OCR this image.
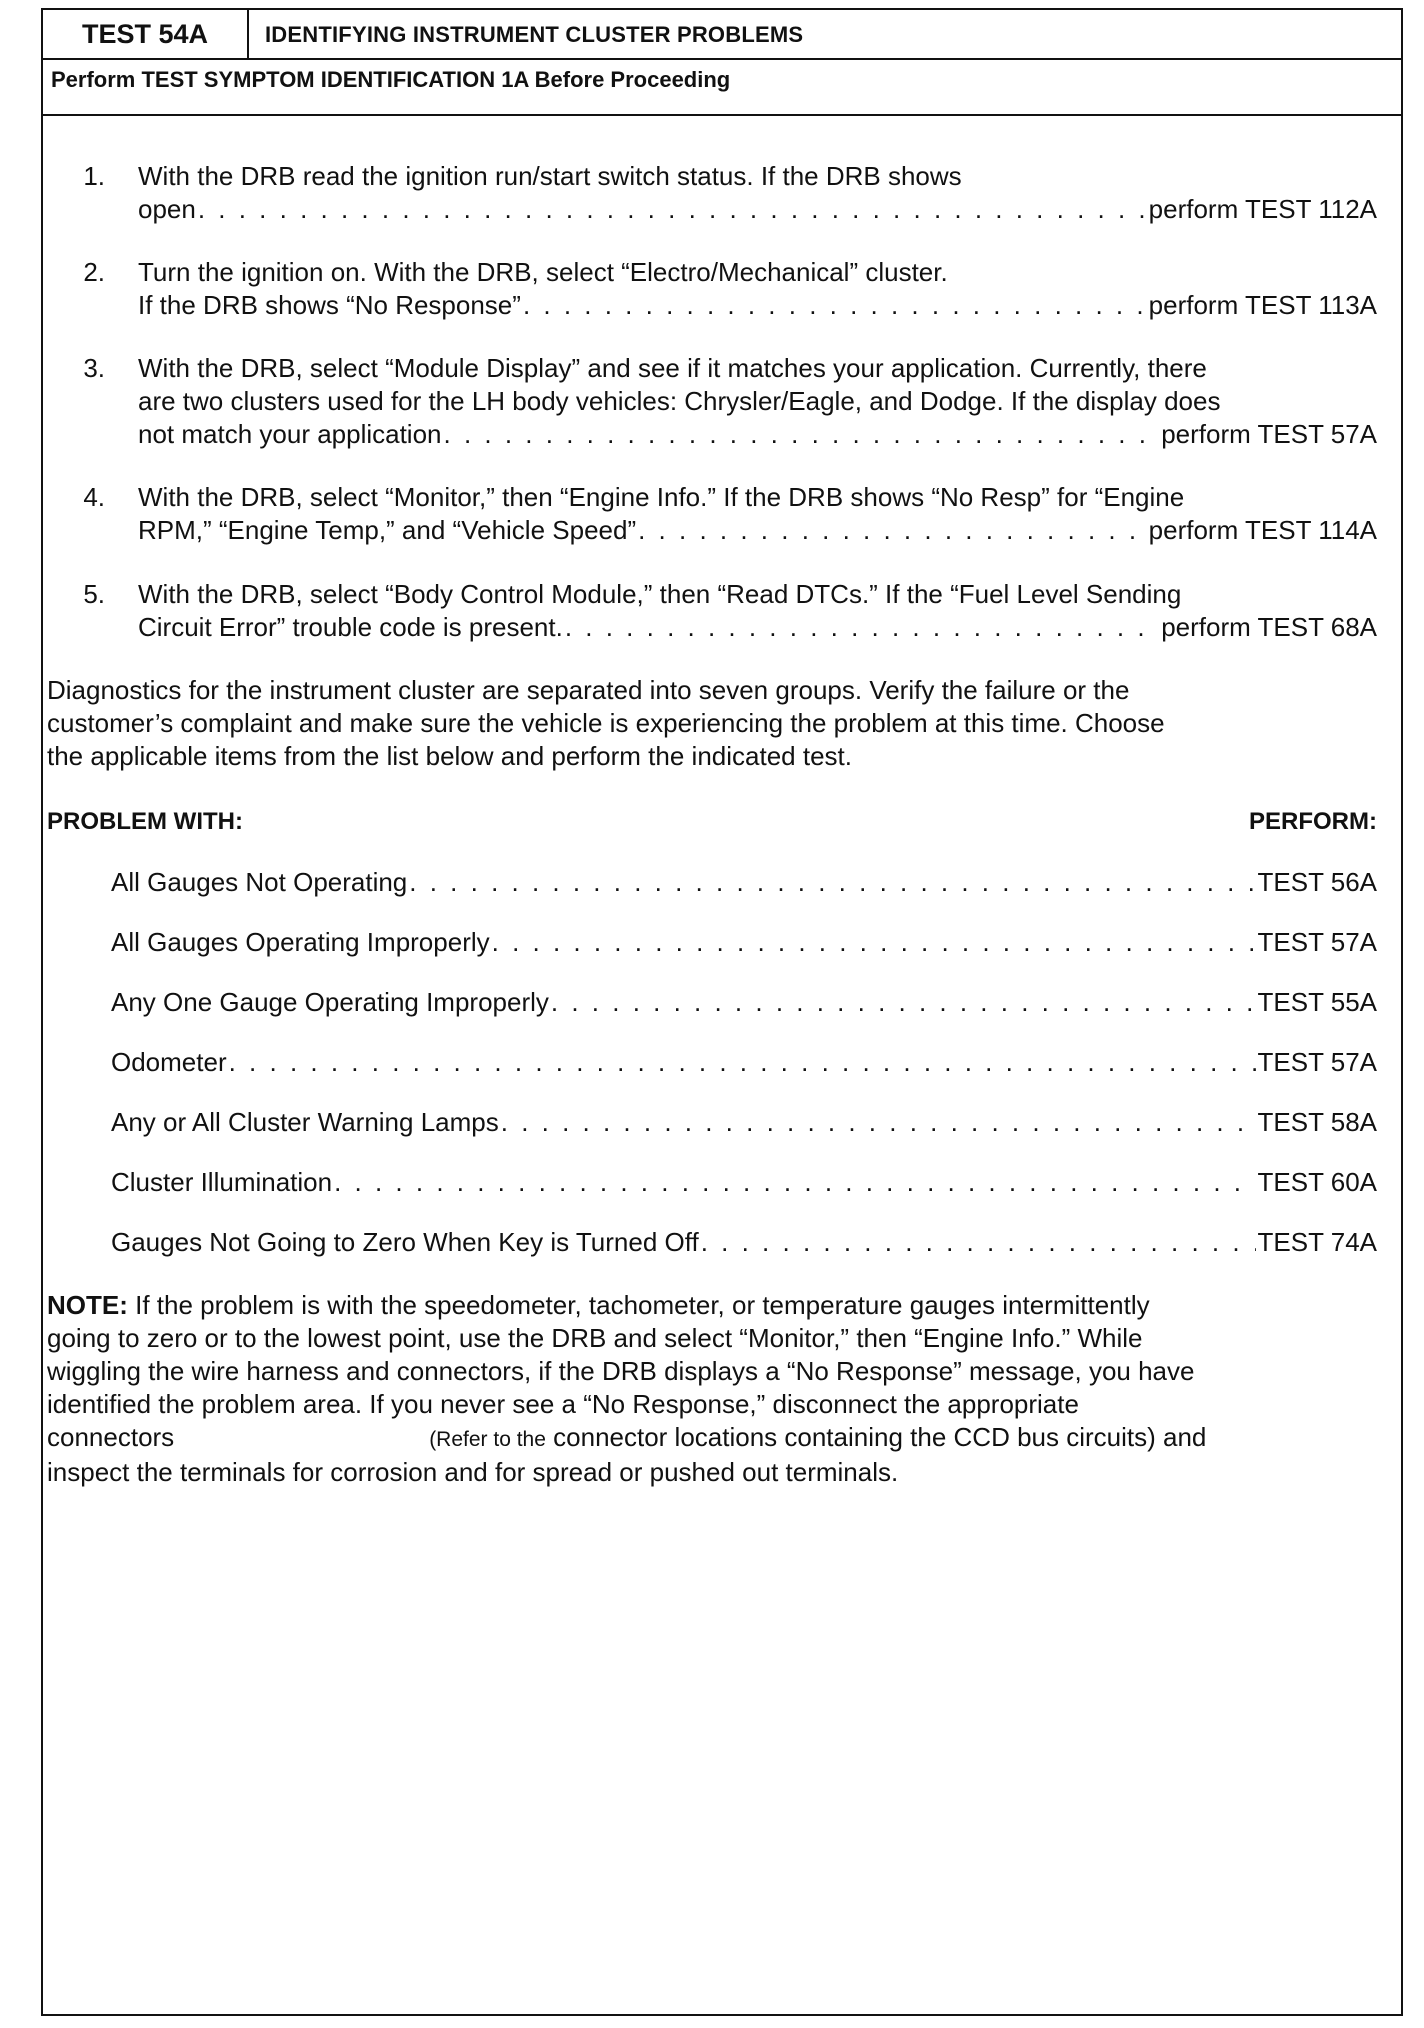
TEST 54A	IDENTIFYING INSTRUMENT CLUSTER PROBLEMS
Perform TEST SYMPTOM IDENTIFICATION 1A Before Proceeding
1. With the DRB read the ignition run/start switch status. If the DRB shows

open . . .	perform TEST 112A
2. Turn the ignition on. With the DRB, select “Electro/Mechanical” cluster.

If the DRB shows “No Response” . . .	perform TEST 113A
3. With the DRB, select “Module Display” and see if it matches your application. Currently, there

are two clusters used for the LH body vehicles: Chrysler/Eagle, and Dodge. If the display does

not match your application . . .	perform TEST 57A
4. With the DRB, select “Monitor,” then “Engine Info.” If the DRB shows “No Resp” for “Engine

RPM,” “Engine Temp,” and “Vehicle Speed” . . .	perform TEST 114A
5. With the DRB, select “Body Control Module,” then “Read DTCs.” If the “Fuel Level Sending

Circuit Error” trouble code is present. . . .	perform TEST 68A

Diagnostics for the instrument cluster are separated into seven groups. Verify the failure or the

customer’s complaint and make sure the vehicle is experiencing the problem at this time. Choose

the applicable items from the list below and perform the indicated test.

PROBLEM WITH:	PERFORM:
All Gauges Not Operating . . .	TEST 56A
All Gauges Operating Improperly . . .	TEST 57A
Any One Gauge Operating Improperly . . .	TEST 55A
Odometer . . .	TEST 57A
Any or All Cluster Warning Lamps . . .	TEST 58A
Cluster Illumination . . .	TEST 60A
Gauges Not Going to Zero When Key is Turned Off . . .	TEST 74A

NOTE: If the problem is with the speedometer, tachometer, or temperature gauges intermittently

going to zero or to the lowest point, use the DRB and select “Monitor,” then “Engine Info.” While

wiggling the wire harness and connectors, if the DRB displays a “No Response” message, you have

identified the problem area. If you never see a “No Response,” disconnect the appropriate

connectors	(Refer to the connector locations containing the CCD bus circuits) and

inspect the terminals for corrosion and for spread or pushed out terminals.
